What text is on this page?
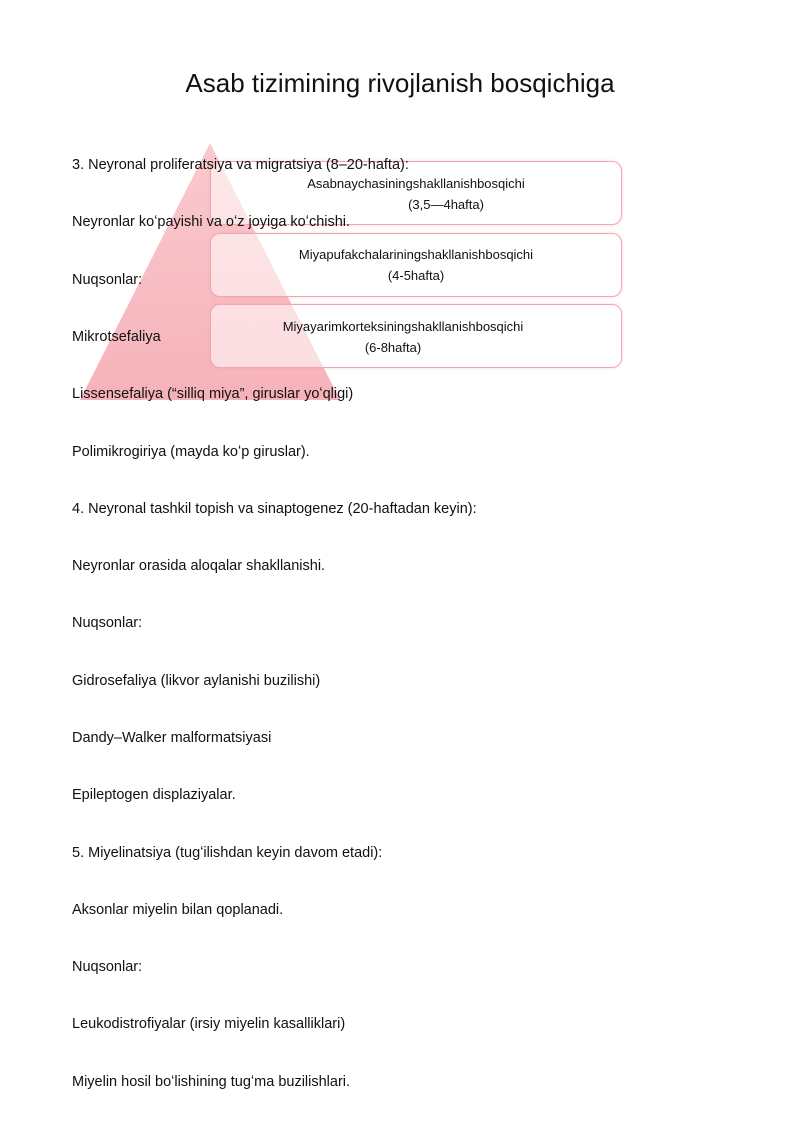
Asab tizimining rivojlanish bosqichiga
Asabnaychasiningshakllanishbosqichi
(3,5—4hafta)
Miyapufakchalariningshakllanishbosqichi
(4-5hafta)
Miyayarimkorteksiningshakllanishbosqichi
(6-8hafta)

3. Neyronal proliferatsiya va migratsiya (8–20-hafta):

Neyronlar koʻpayishi va oʻz joyiga koʻchishi.

Nuqsonlar:

Mikrotsefaliya

Lissensefaliya (“silliq miya”, giruslar yoʻqligi)

Polimikrogiriya (mayda koʻp giruslar).

4. Neyronal tashkil topish va sinaptogenez (20-haftadan keyin):

Neyronlar orasida aloqalar shakllanishi.

Nuqsonlar:

Gidrosefaliya (likvor aylanishi buzilishi)

Dandy–Walker malformatsiyasi

Epileptogen displaziyalar.

5. Miyelinatsiya (tugʻilishdan keyin davom etadi):

Aksonlar miyelin bilan qoplanadi.

Nuqsonlar:

Leukodistrofiyalar (irsiy miyelin kasalliklari)

Miyelin hosil boʻlishining tugʻma buzilishlari.
